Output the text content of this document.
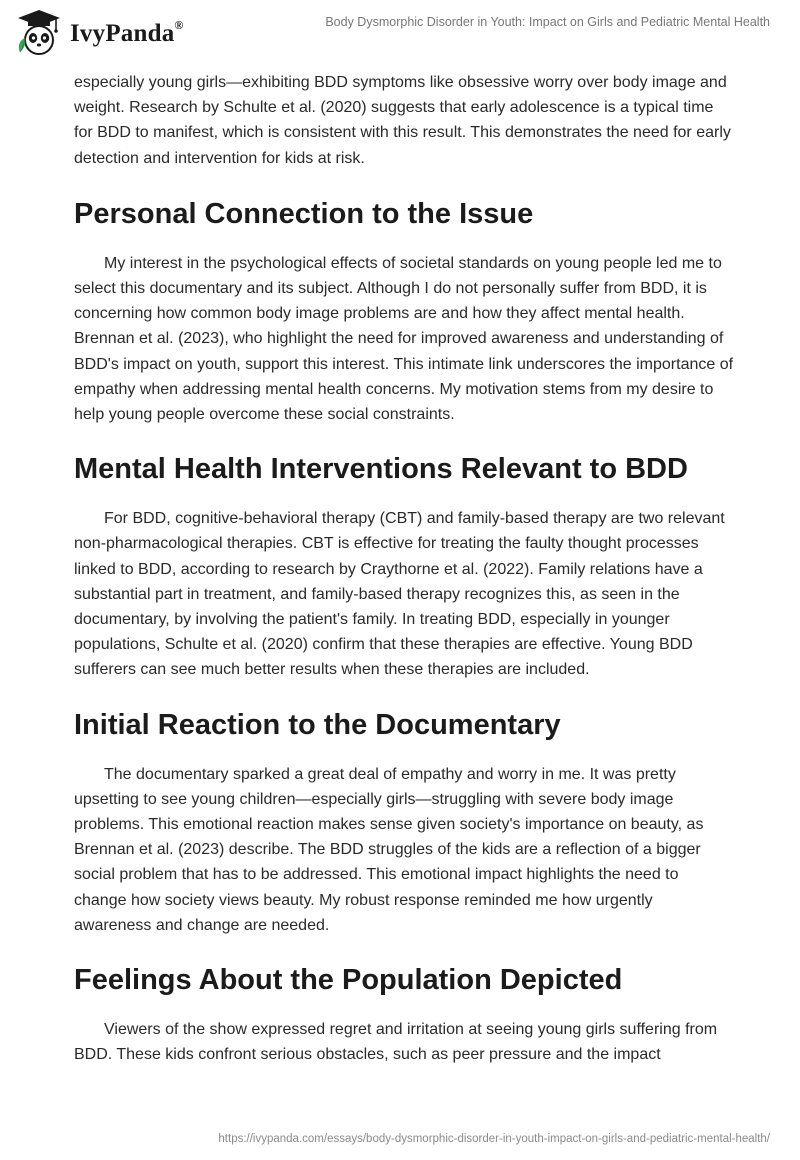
IvyPanda®	Body Dysmorphic Disorder in Youth: Impact on Girls and Pediatric Mental Health

especially young girls—exhibiting BDD symptoms like obsessive worry over body image and weight. Research by Schulte et al. (2020) suggests that early adolescence is a typical time for BDD to manifest, which is consistent with this result. This demonstrates the need for early detection and intervention for kids at risk.

Personal Connection to the Issue

My interest in the psychological effects of societal standards on young people led me to select this documentary and its subject. Although I do not personally suffer from BDD, it is concerning how common body image problems are and how they affect mental health. Brennan et al. (2023), who highlight the need for improved awareness and understanding of BDD's impact on youth, support this interest. This intimate link underscores the importance of empathy when addressing mental health concerns. My motivation stems from my desire to help young people overcome these social constraints.

Mental Health Interventions Relevant to BDD

For BDD, cognitive-behavioral therapy (CBT) and family-based therapy are two relevant non-pharmacological therapies. CBT is effective for treating the faulty thought processes linked to BDD, according to research by Craythorne et al. (2022). Family relations have a substantial part in treatment, and family-based therapy recognizes this, as seen in the documentary, by involving the patient's family. In treating BDD, especially in younger populations, Schulte et al. (2020) confirm that these therapies are effective. Young BDD sufferers can see much better results when these therapies are included.

Initial Reaction to the Documentary

The documentary sparked a great deal of empathy and worry in me. It was pretty upsetting to see young children—especially girls—struggling with severe body image problems. This emotional reaction makes sense given society's importance on beauty, as Brennan et al. (2023) describe. The BDD struggles of the kids are a reflection of a bigger social problem that has to be addressed. This emotional impact highlights the need to change how society views beauty. My robust response reminded me how urgently awareness and change are needed.

Feelings About the Population Depicted

Viewers of the show expressed regret and irritation at seeing young girls suffering from BDD. These kids confront serious obstacles, such as peer pressure and the impact

https://ivypanda.com/essays/body-dysmorphic-disorder-in-youth-impact-on-girls-and-pediatric-mental-health/
